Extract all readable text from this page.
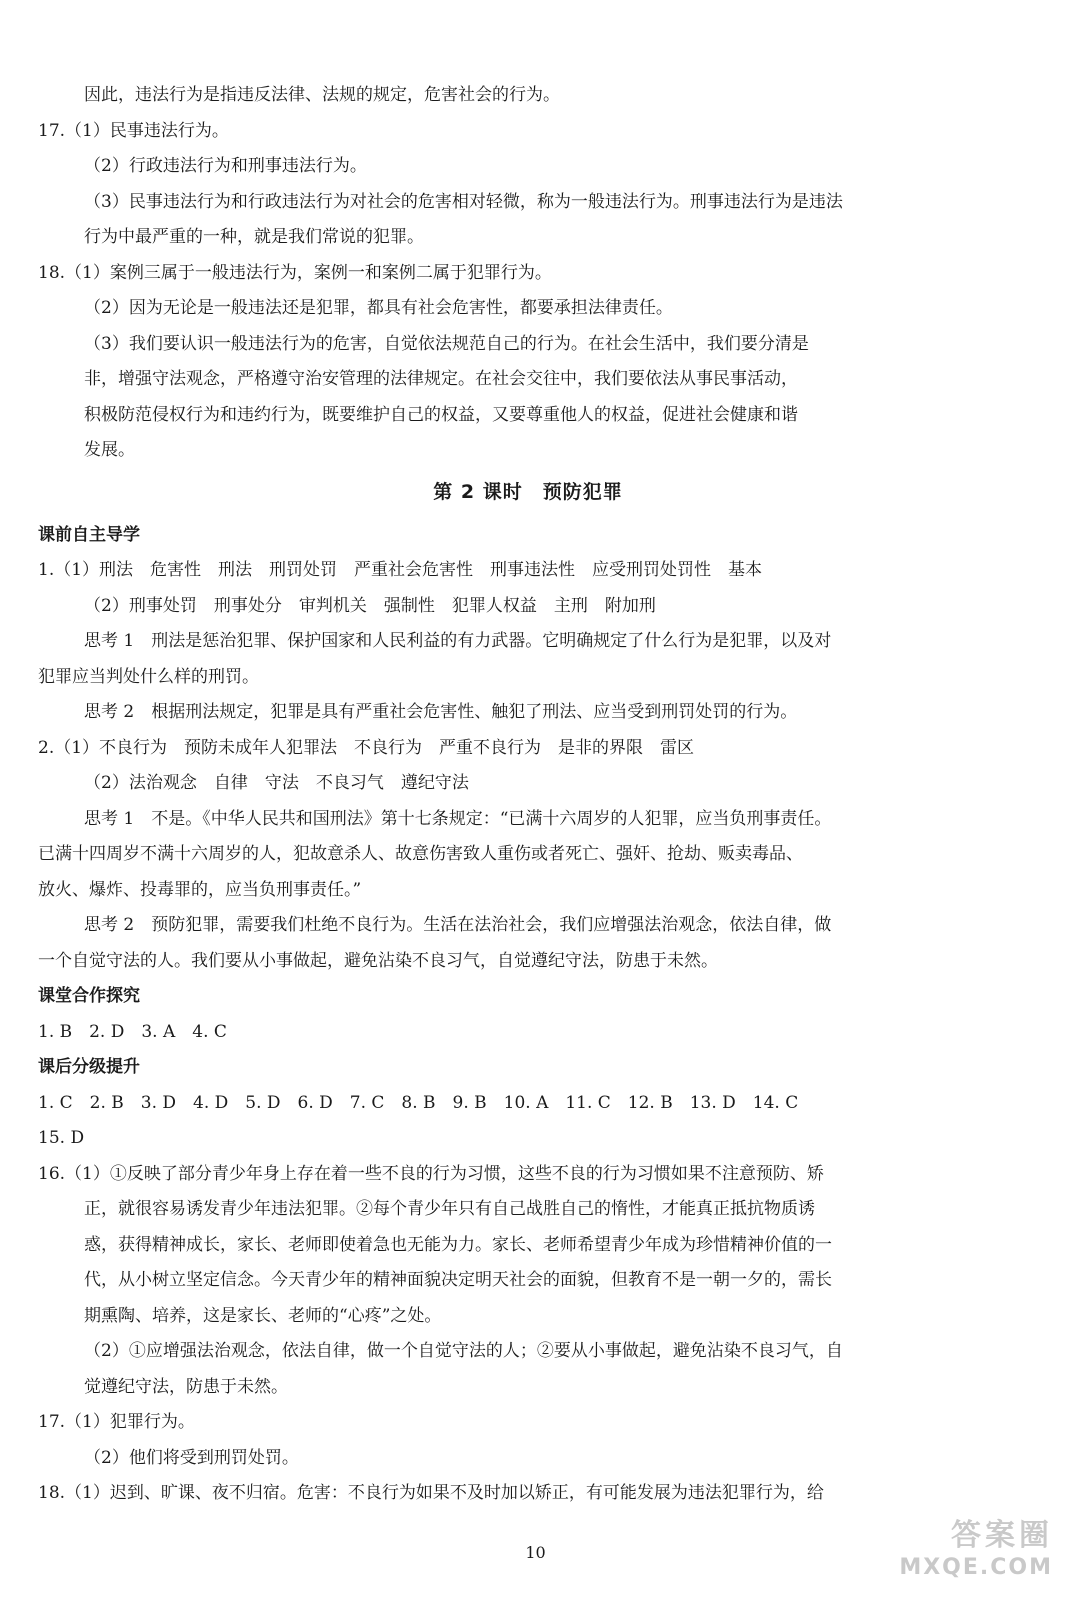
因此，违法行为是指违反法律、法规的规定，危害社会的行为。
17.（1）民事违法行为。
（2）行政违法行为和刑事违法行为。
（3）民事违法行为和行政违法行为对社会的危害相对轻微，称为一般违法行为。刑事违法行为是违法
行为中最严重的一种，就是我们常说的犯罪。
18.（1）案例三属于一般违法行为，案例一和案例二属于犯罪行为。
（2）因为无论是一般违法还是犯罪，都具有社会危害性，都要承担法律责任。
（3）我们要认识一般违法行为的危害，自觉依法规范自己的行为。在社会生活中，我们要分清是
非，增强守法观念，严格遵守治安管理的法律规定。在社会交往中，我们要依法从事民事活动，
积极防范侵权行为和违约行为，既要维护自己的权益，又要尊重他人的权益，促进社会健康和谐
发展。
第 2 课时　预防犯罪
课前自主导学
1.（1）刑法　危害性　刑法　刑罚处罚　严重社会危害性　刑事违法性　应受刑罚处罚性　基本
（2）刑事处罚　刑事处分　审判机关　强制性　犯罪人权益　主刑　附加刑
思考 1　刑法是惩治犯罪、保护国家和人民利益的有力武器。它明确规定了什么行为是犯罪，以及对
犯罪应当判处什么样的刑罚。
思考 2　根据刑法规定，犯罪是具有严重社会危害性、触犯了刑法、应当受到刑罚处罚的行为。
2.（1）不良行为　预防未成年人犯罪法　不良行为　严重不良行为　是非的界限　雷区
（2）法治观念　自律　守法　不良习气　遵纪守法
思考 1　不是。《中华人民共和国刑法》第十七条规定：“已满十六周岁的人犯罪，应当负刑事责任。
已满十四周岁不满十六周岁的人，犯故意杀人、故意伤害致人重伤或者死亡、强奸、抢劫、贩卖毒品、
放火、爆炸、投毒罪的，应当负刑事责任。”
思考 2　预防犯罪，需要我们杜绝不良行为。生活在法治社会，我们应增强法治观念，依法自律，做
一个自觉守法的人。我们要从小事做起，避免沾染不良习气，自觉遵纪守法，防患于未然。
课堂合作探究
1. B　2. D　3. A　4. C
课后分级提升
1. C　2. B　3. D　4. D　5. D　6. D　7. C　8. B　9. B　10. A　11. C　12. B　13. D　14. C
15. D
16.（1）①反映了部分青少年身上存在着一些不良的行为习惯，这些不良的行为习惯如果不注意预防、矫
正，就很容易诱发青少年违法犯罪。②每个青少年只有自己战胜自己的惰性，才能真正抵抗物质诱
惑，获得精神成长，家长、老师即使着急也无能为力。家长、老师希望青少年成为珍惜精神价值的一
代，从小树立坚定信念。今天青少年的精神面貌决定明天社会的面貌，但教育不是一朝一夕的，需长
期熏陶、培养，这是家长、老师的“心疼”之处。
（2）①应增强法治观念，依法自律，做一个自觉守法的人；②要从小事做起，避免沾染不良习气，自
觉遵纪守法，防患于未然。
17.（1）犯罪行为。
（2）他们将受到刑罚处罚。
18.（1）迟到、旷课、夜不归宿。危害：不良行为如果不及时加以矫正，有可能发展为违法犯罪行为，给
10	答案圈
MXQE.COM
